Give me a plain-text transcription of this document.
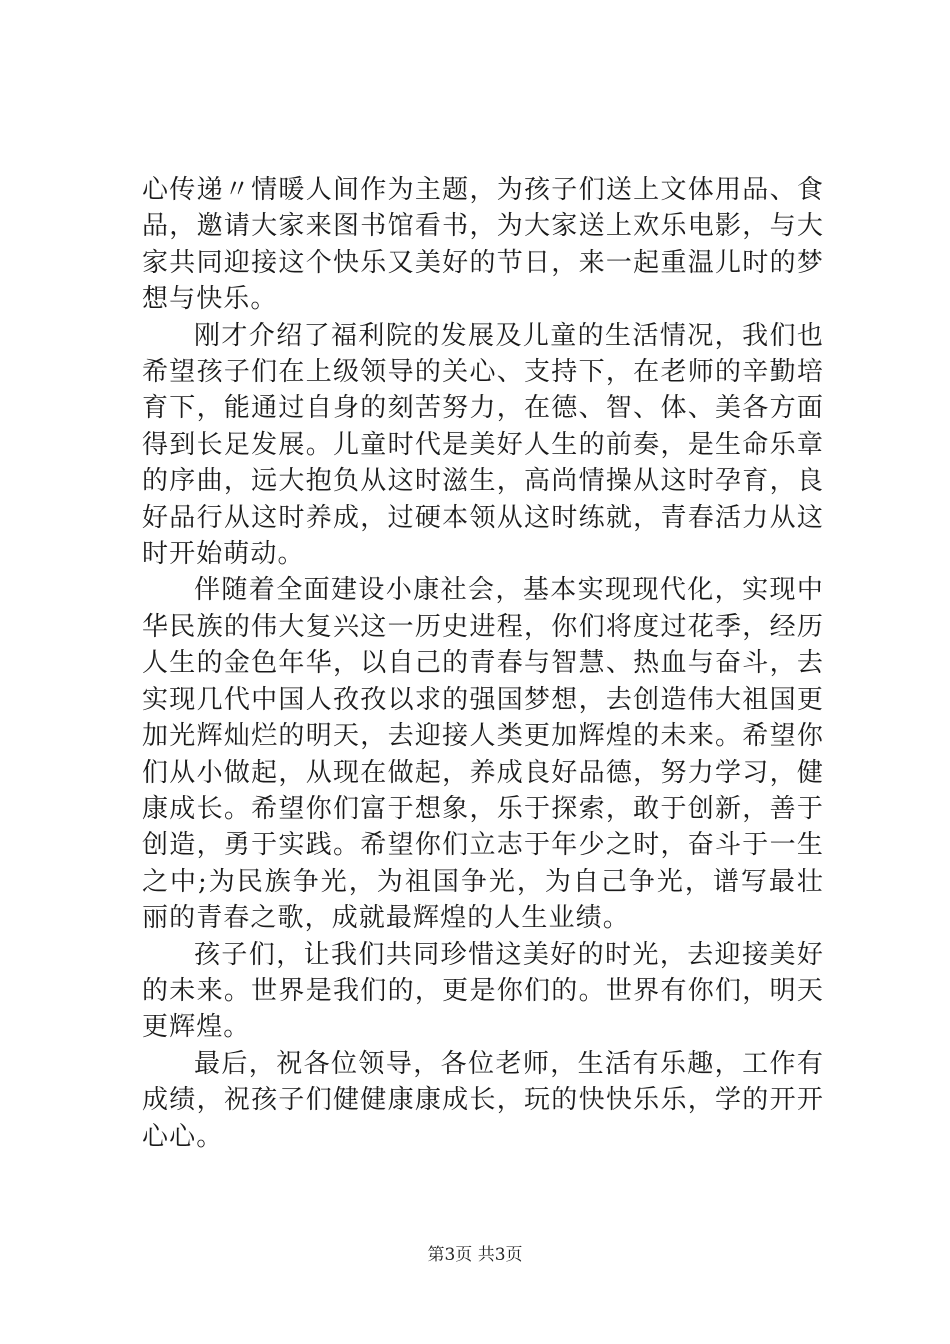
心传递〃情暖人间作为主题，为孩子们送上文体用品、食品，邀请大家来图书馆看书，为大家送上欢乐电影，与大家共同迎接这个快乐又美好的节日，来一起重温儿时的梦想与快乐。

刚才介绍了福利院的发展及儿童的生活情况，我们也希望孩子们在上级领导的关心、支持下，在老师的辛勤培育下，能通过自身的刻苦努力，在德、智、体、美各方面得到长足发展。儿童时代是美好人生的前奏，是生命乐章的序曲，远大抱负从这时滋生，高尚情操从这时孕育，良好品行从这时养成，过硬本领从这时练就，青春活力从这时开始萌动。

伴随着全面建设小康社会，基本实现现代化，实现中华民族的伟大复兴这一历史进程，你们将度过花季，经历人生的金色年华，以自己的青春与智慧、热血与奋斗，去实现几代中国人孜孜以求的强国梦想，去创造伟大祖国更加光辉灿烂的明天，去迎接人类更加辉煌的未来。希望你们从小做起，从现在做起，养成良好品德，努力学习，健康成长。希望你们富于想象，乐于探索，敢于创新，善于创造，勇于实践。希望你们立志于年少之时，奋斗于一生之中;为民族争光，为祖国争光，为自己争光，谱写最壮丽的青春之歌，成就最辉煌的人生业绩。

孩子们，让我们共同珍惜这美好的时光，去迎接美好的未来。世界是我们的，更是你们的。世界有你们，明天更辉煌。

最后，祝各位领导，各位老师，生活有乐趣，工作有成绩，祝孩子们健健康康成长，玩的快快乐乐，学的开开心心。

第3页 共3页
